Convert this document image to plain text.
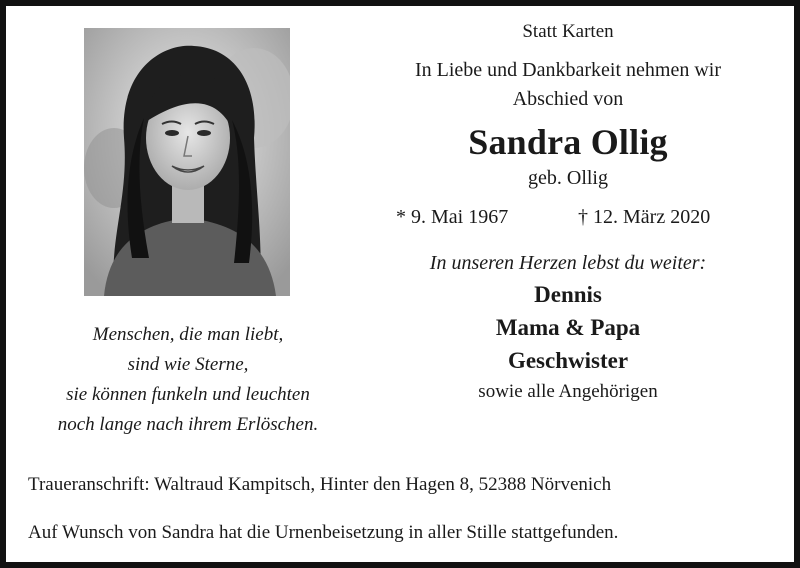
Menschen, die man liebt,
sind wie Sterne,
sie können funkeln und leuchten
noch lange nach ihrem Erlöschen.
Statt Karten
In Liebe und Dankbarkeit nehmen wir
Abschied von
Sandra Ollig
geb. Ollig
* 9. Mai 1967	† 12. März 2020
In unseren Herzen lebst du weiter:
Dennis
Mama & Papa
Geschwister
sowie alle Angehörigen
Traueranschrift: Waltraud Kampitsch, Hinter den Hagen 8, 52388 Nörvenich
Auf Wunsch von Sandra hat die Urnenbeisetzung in aller Stille stattgefunden.
